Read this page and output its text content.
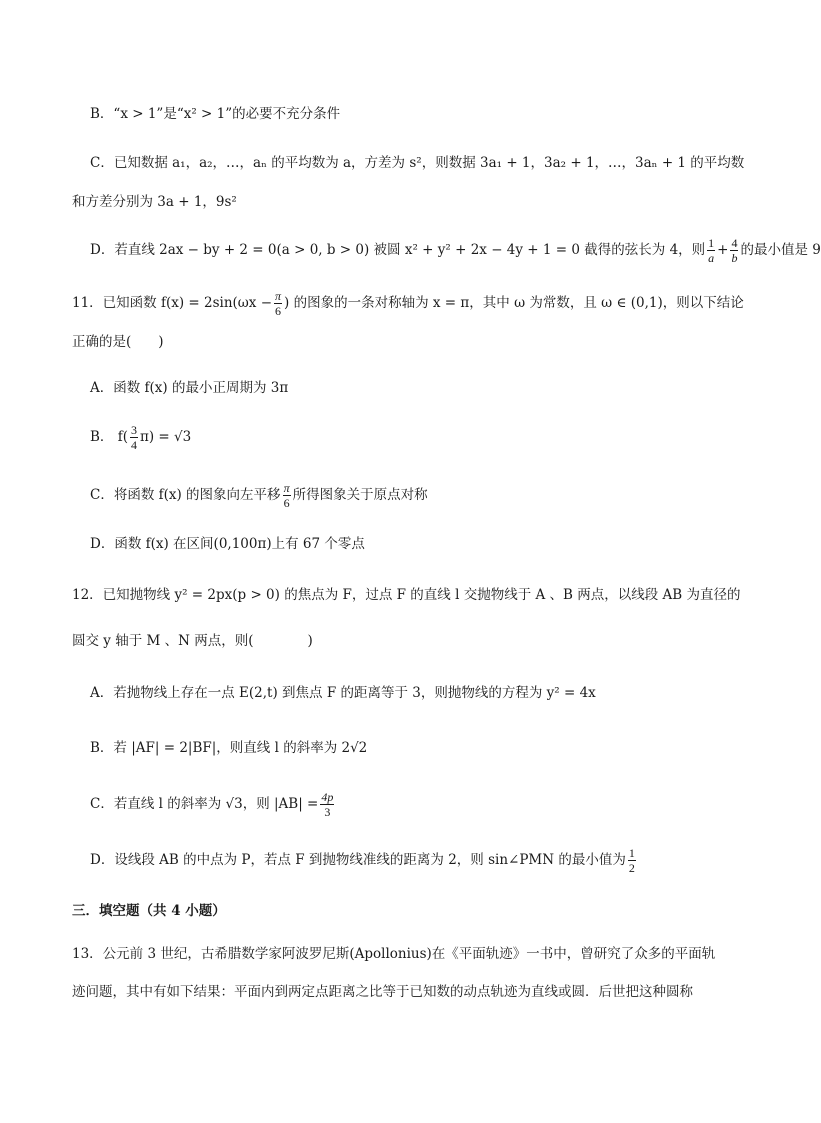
B．“x > 1”是“x² > 1”的必要不充分条件
C．已知数据 a₁，a₂，…，aₙ 的平均数为 a，方差为 s²，则数据 3a₁ + 1，3a₂ + 1，…，3aₙ + 1 的平均数
和方差分别为 3a + 1，9s²
D．若直线 2ax − by + 2 = 0(a > 0, b > 0) 被圆 x² + y² + 2x − 4y + 1 = 0 截得的弦长为 4，则 $\frac{1}{a} + \frac{4}{b}$ 的最小值是 9
11．已知函数 $f(x) = 2\sin(\omega x - \frac{\pi}{6}$ ) 的图象的一条对称轴为 x = π，其中 ω 为常数，且 ω ∈ (0,1)，则以下结论
正确的是(　　)
A．函数 f(x) 的最小正周期为 3π
B． $f( \frac{3}{4} \pi) = √3$
C．将函数 f(x) 的图象向左平移 $\frac{\pi}{6}$ 所得图象关于原点对称
D．函数 f(x) 在区间(0,100π)上有 67 个零点
12．已知抛物线 y² = 2px(p > 0) 的焦点为 F，过点 F 的直线 l 交抛物线于 A 、B 两点，以线段 AB 为直径的
圆交 y 轴于 M 、N 两点，则(　　　　)
A．若抛物线上存在一点 E(2,t) 到焦点 F 的距离等于 3，则抛物线的方程为 y² = 4x
B．若 |AF| = 2|BF|，则直线 l 的斜率为 2√2
C．若直线 l 的斜率为 √3，则 $|AB| = \frac{4p}{3}$
D．设线段 AB 的中点为 P，若点 F 到抛物线准线的距离为 2，则 sin∠PMN 的最小值为 $\frac{1}{2}$
三．填空题（共 4 小题）
13．公元前 3 世纪，古希腊数学家阿波罗尼斯(Apollonius)在《平面轨迹》一书中，曾研究了众多的平面轨
迹问题，其中有如下结果：平面内到两定点距离之比等于已知数的动点轨迹为直线或圆．后世把这种圆称
